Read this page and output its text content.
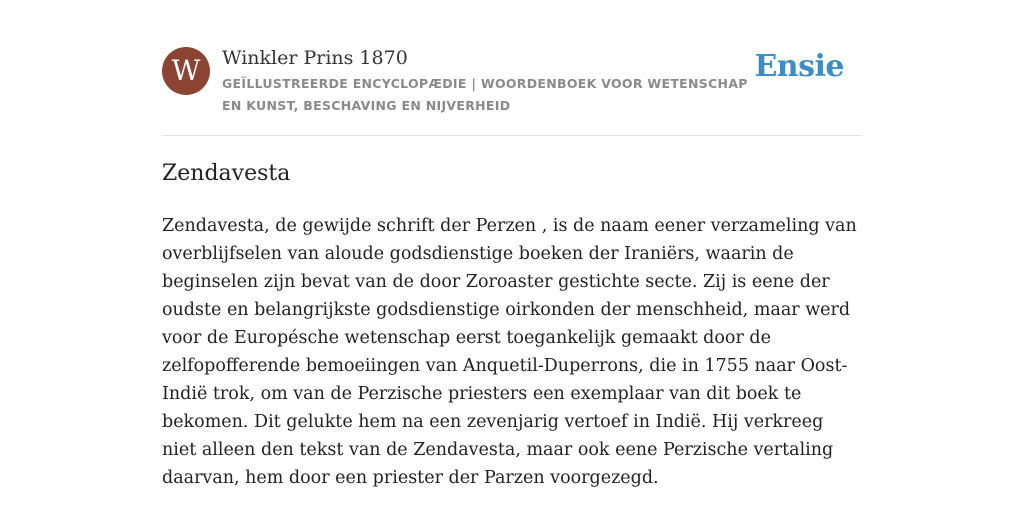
W	Winkler Prins 1870
GEÏLLUSTREERDE ENCYCLOPÆDIE | WOORDENBOEK VOOR WETENSCHAP EN KUNST, BESCHAVING EN NIJVERHEID
Ensie
Zendavesta

Zendavesta, de gewijde schrift der Perzen , is de naam eener verzameling van overblijfselen van aloude godsdienstige boeken der Iraniërs, waarin de beginselen zijn bevat van de door Zoroaster gestichte secte. Zij is eene der oudste en belangrijkste godsdienstige oirkonden der menschheid, maar werd voor de Europésche wetenschap eerst toegankelijk gemaakt door de zelfopofferende bemoeiingen van Anquetil-Duperrons, die in 1755 naar Oost-Indië trok, om van de Perzische priesters een exemplaar van dit boek te bekomen. Dit gelukte hem na een zevenjarig vertoef in Indië. Hij verkreeg niet alleen den tekst van de Zendavesta, maar ook eene Perzische vertaling daarvan, hem door een priester der Parzen voorgezegd.
